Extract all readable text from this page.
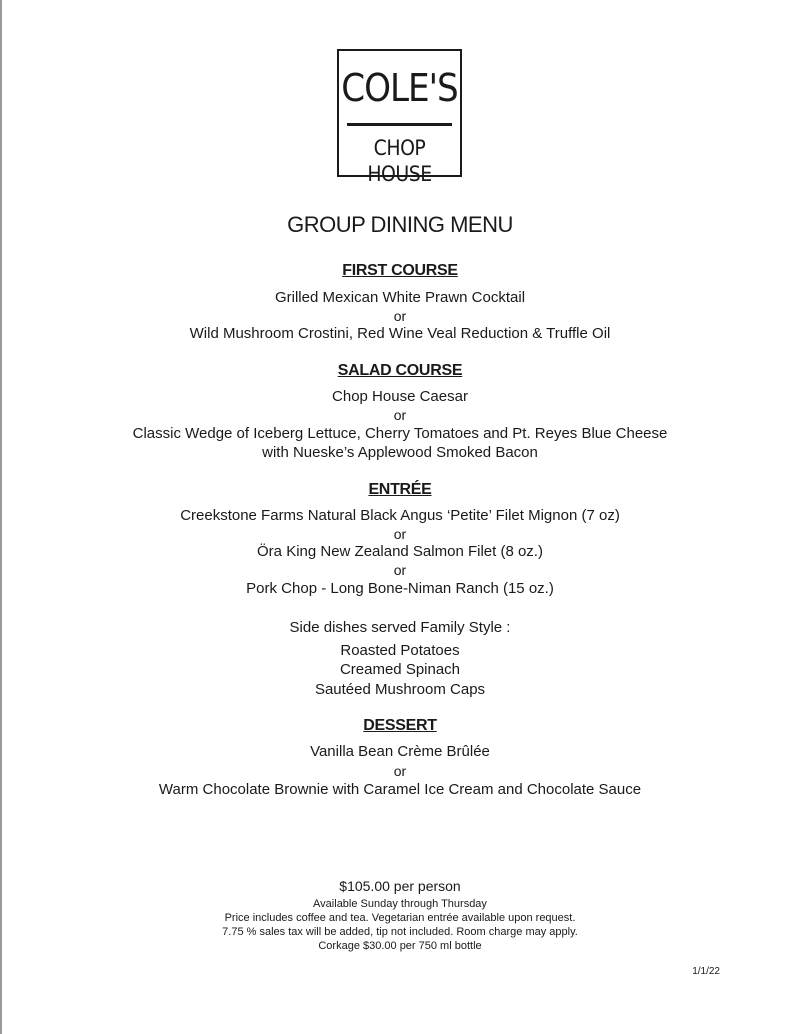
COLE'S
CHOP HOUSE
GROUP DINING MENU
FIRST COURSE
Grilled Mexican White Prawn Cocktail
or
Wild Mushroom Crostini, Red Wine Veal Reduction & Truffle Oil
SALAD COURSE
Chop House Caesar
or
Classic Wedge of Iceberg Lettuce, Cherry Tomatoes and Pt. Reyes Blue Cheese
with Nueske’s Applewood Smoked Bacon
ENTRÉE
Creekstone Farms Natural Black Angus ‘Petite’ Filet Mignon (7 oz)
or
Öra King New Zealand Salmon Filet (8 oz.)
or
Pork Chop - Long Bone-Niman Ranch (15 oz.)
Side dishes served Family Style :
Roasted Potatoes
Creamed Spinach
Sautéed Mushroom Caps
DESSERT
Vanilla Bean Crème Brûlée
or
Warm Chocolate Brownie with Caramel Ice Cream and Chocolate Sauce
$105.00 per person
Available Sunday through Thursday
Price includes coffee and tea. Vegetarian entrée available upon request.
7.75 % sales tax will be added, tip not included. Room charge may apply.
Corkage $30.00 per 750 ml bottle
1/1/22
